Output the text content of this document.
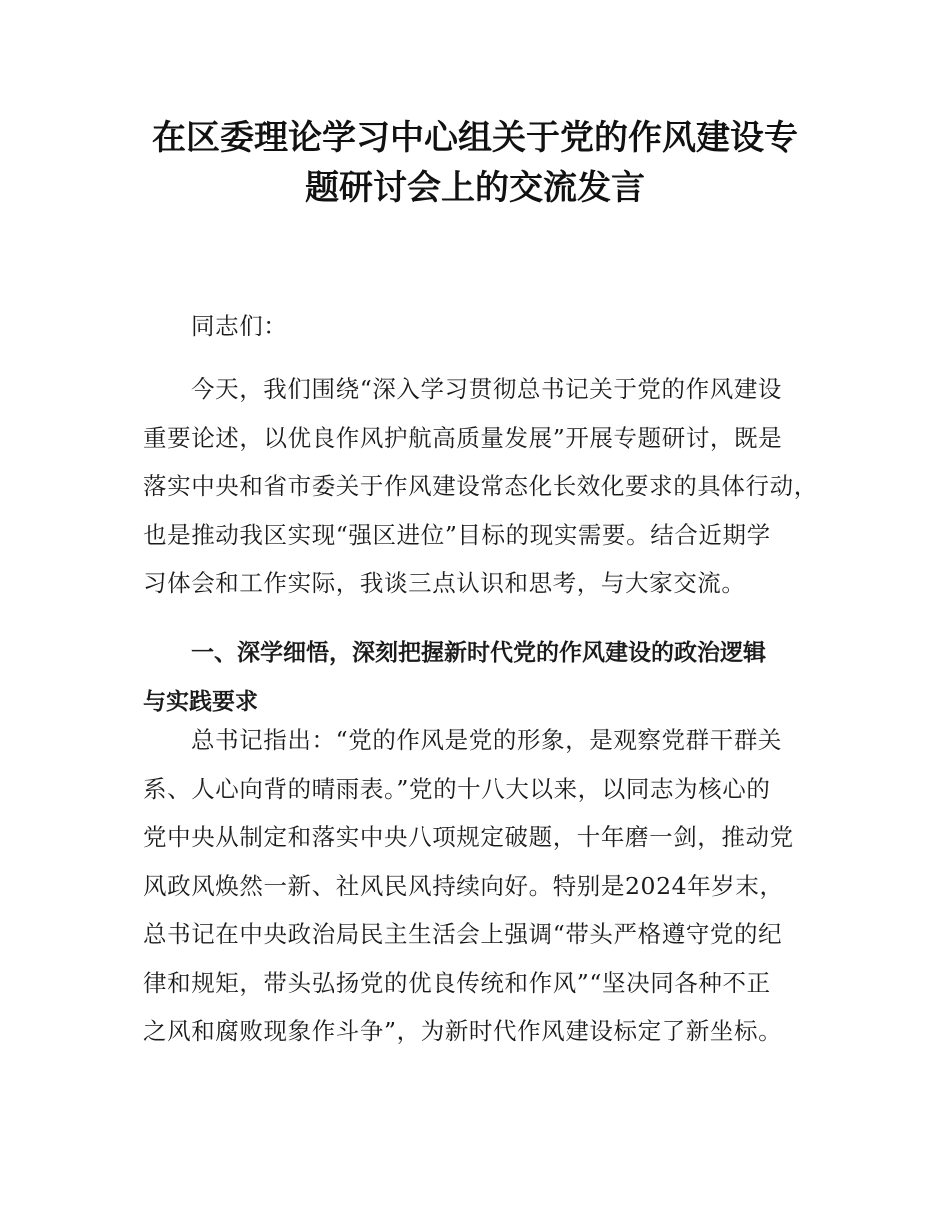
在区委理论学习中心组关于党的作风建设专
题研讨会上的交流发言
同志们：
今天，我们围绕“深入学习贯彻总书记关于党的作风建设
重要论述，以优良作风护航高质量发展”开展专题研讨，既是
落实中央和省市委关于作风建设常态化长效化要求的具体行动，
也是推动我区实现“强区进位”目标的现实需要。结合近期学
习体会和工作实际，我谈三点认识和思考，与大家交流。
一、深学细悟，深刻把握新时代党的作风建设的政治逻辑
与实践要求
总书记指出：“党的作风是党的形象，是观察党群干群关
系、人心向背的晴雨表。”党的十八大以来，以同志为核心的
党中央从制定和落实中央八项规定破题，十年磨一剑，推动党
风政风焕然一新、社风民风持续向好。特别是2024年岁末，
总书记在中央政治局民主生活会上强调“带头严格遵守党的纪
律和规矩，带头弘扬党的优良传统和作风”“坚决同各种不正
之风和腐败现象作斗争”，为新时代作风建设标定了新坐标。
